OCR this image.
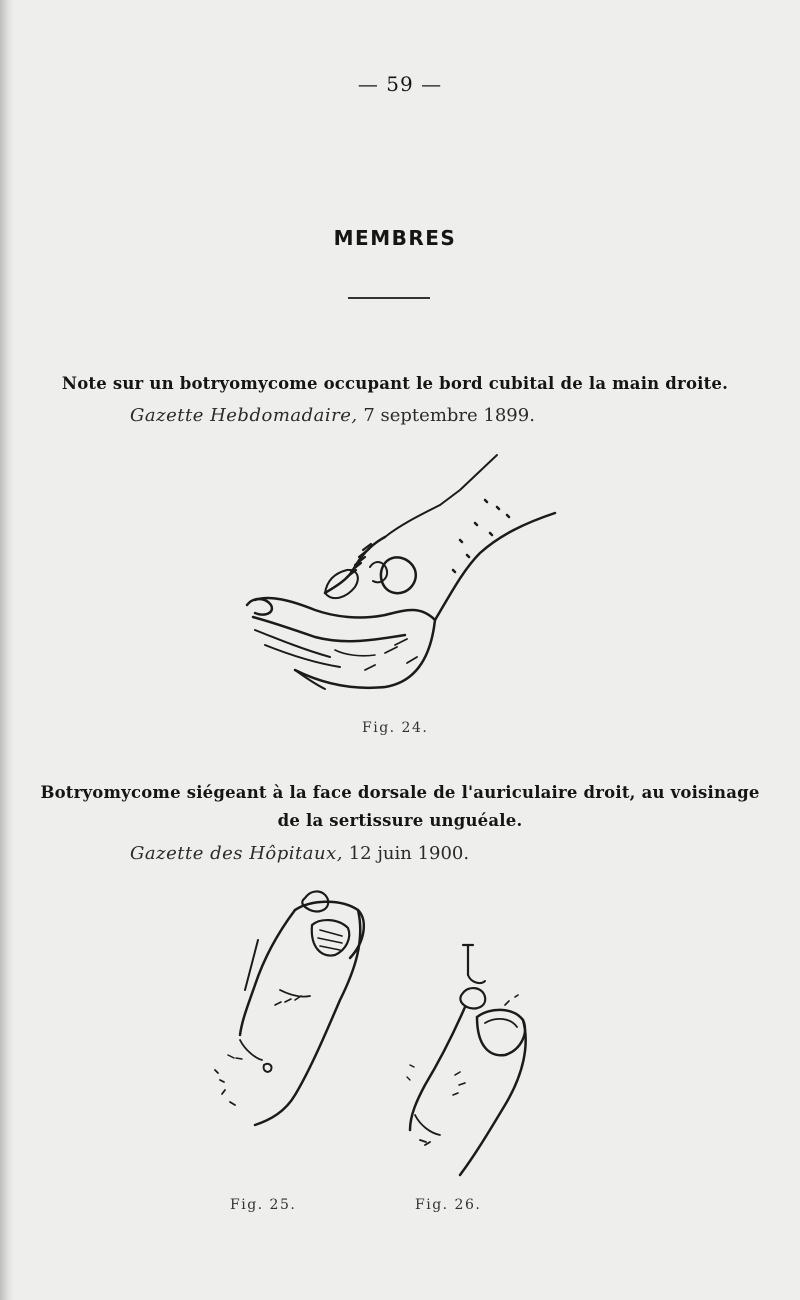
— 59 —
MEMBRES
Note sur un botryomycome occupant le bord cubital de la main droite.
Gazette Hebdomadaire, 7 septembre 1899.
Fig. 24.
Botryomycome siégeant à la face dorsale de l'auriculaire droit, au voisinage de la sertissure unguéale.
Gazette des Hôpitaux, 12 juin 1900.
Fig. 25.	Fig. 26.
